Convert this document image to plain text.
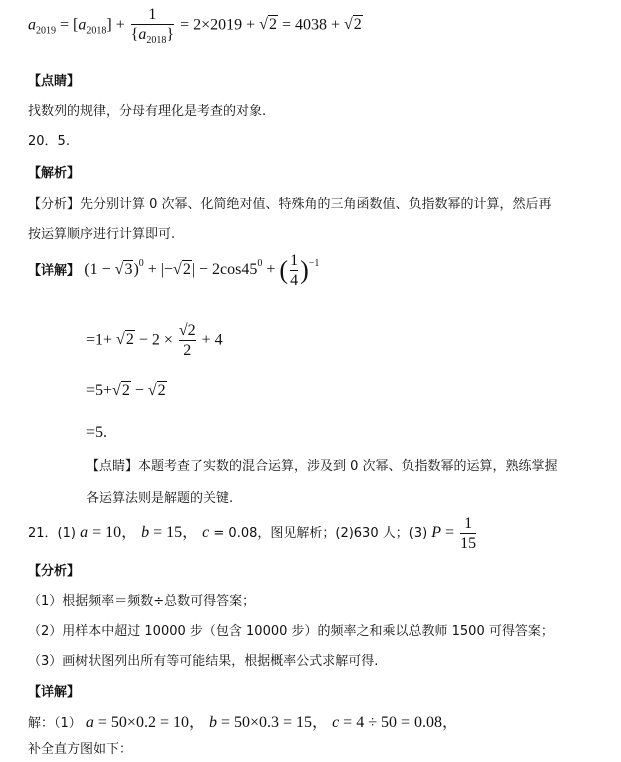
$a_{2019} = [a_{2018}] + \frac{1}{\{a_{2018}\}} = 2\times 2019 + √2 = 4038 + √2$
【点睛】
找数列的规律，分母有理化是考查的对象.
20．5.
【解析】
【分析】先分别计算 0 次幂、化简绝对值、特殊角的三角函数值、负指数幂的计算，然后再
按运算顺序进行计算即可.
【详解】 $(1 - √3)^0 + |-√2| - 2\cos 45^0$ + ( $\frac{1}{4} )^{-1}$
$=1+ √2 - 2 \times \frac{√2}{2} + 4$
=5+√2 − √2
=5.
【点睛】本题考查了实数的混合运算，涉及到 0 次幂、负指数幂的运算，熟练掌握
各运算法则是解题的关键.
21．(1) a = 10， b = 15， c = 0.08，图见解析；(2)630 人；(3) $P = \frac{1}{15}$
【分析】
（1）根据频率＝频数÷总数可得答案；
（2）用样本中超过 10000 步（包含 10000 步）的频率之和乘以总教师 1500 可得答案；
（3）画树状图列出所有等可能结果，根据概率公式求解可得.
【详解】
解：（1） a = 50×0.2 = 10， b = 50×0.3 = 15， c = 4 ÷ 50 = 0.08，
补全直方图如下：
